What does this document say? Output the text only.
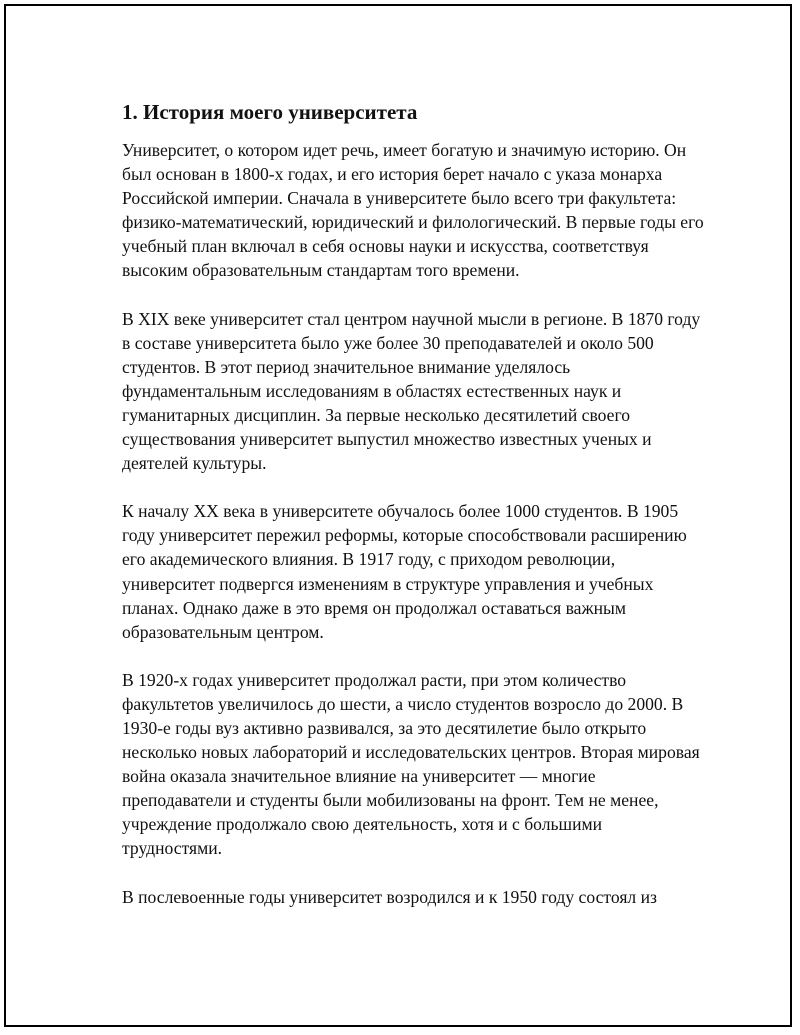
1. История моего университета

Университет, о котором идет речь, имеет богатую и значимую историю. Он был основан в 1800-х годах, и его история берет начало с указа монарха Российской империи. Сначала в университете было всего три факультета: физико-математический, юридический и филологический. В первые годы его учебный план включал в себя основы науки и искусства, соответствуя высоким образовательным стандартам того времени.

В XIX веке университет стал центром научной мысли в регионе. В 1870 году в составе университета было уже более 30 преподавателей и около 500 студентов. В этот период значительное внимание уделялось фундаментальным исследованиям в областях естественных наук и гуманитарных дисциплин. За первые несколько десятилетий своего существования университет выпустил множество известных ученых и деятелей культуры.

К началу XX века в университете обучалось более 1000 студентов. В 1905 году университет пережил реформы, которые способствовали расширению его академического влияния. В 1917 году, с приходом революции, университет подвергся изменениям в структуре управления и учебных планах. Однако даже в это время он продолжал оставаться важным образовательным центром.

В 1920-х годах университет продолжал расти, при этом количество факультетов увеличилось до шести, а число студентов возросло до 2000. В 1930-е годы вуз активно развивался, за это десятилетие было открыто несколько новых лабораторий и исследовательских центров. Вторая мировая война оказала значительное влияние на университет — многие преподаватели и студенты были мобилизованы на фронт. Тем не менее, учреждение продолжало свою деятельность, хотя и с большими трудностями.

В послевоенные годы университет возродился и к 1950 году состоял из
